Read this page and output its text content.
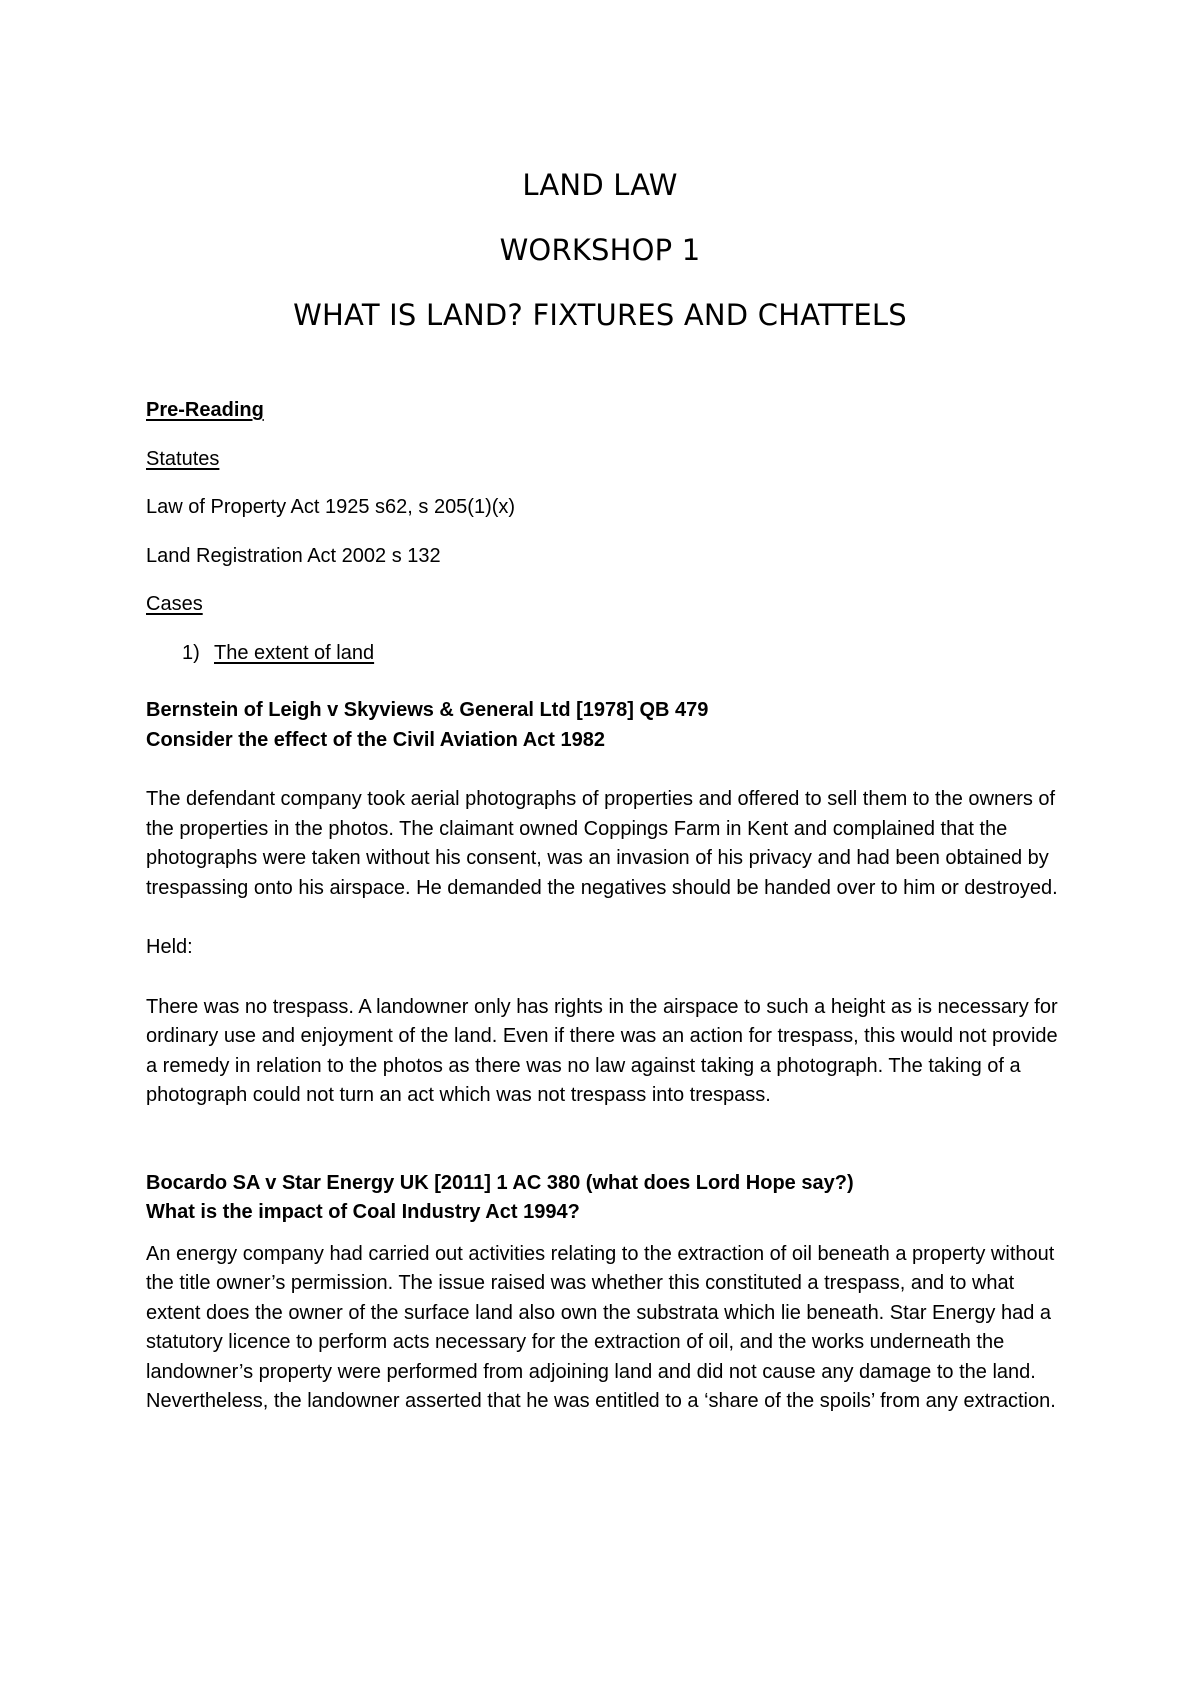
LAND LAW
WORKSHOP 1
WHAT IS LAND? FIXTURES AND CHATTELS

Pre-Reading

Statutes

Law of Property Act 1925 s62, s 205(1)(x)

Land Registration Act 2002 s 132

Cases

1) The extent of land

Bernstein of Leigh v Skyviews & General Ltd [1978] QB 479

Consider the effect of the Civil Aviation Act 1982

The defendant company took aerial photographs of properties and offered to sell them to the owners of the properties in the photos. The claimant owned Coppings Farm in Kent and complained that the photographs were taken without his consent, was an invasion of his privacy and had been obtained by trespassing onto his airspace. He demanded the negatives should be handed over to him or destroyed.

Held:

There was no trespass. A landowner only has rights in the airspace to such a height as is necessary for ordinary use and enjoyment of the land. Even if there was an action for trespass, this would not provide a remedy in relation to the photos as there was no law against taking a photograph. The taking of a photograph could not turn an act which was not trespass into trespass.

Bocardo SA v Star Energy UK [2011] 1 AC 380 (what does Lord Hope say?)

What is the impact of Coal Industry Act 1994?

An energy company had carried out activities relating to the extraction of oil beneath a property without the title owner’s permission. The issue raised was whether this constituted a trespass, and to what extent does the owner of the surface land also own the substrata which lie beneath. Star Energy had a statutory licence to perform acts necessary for the extraction of oil, and the works underneath the landowner’s property were performed from adjoining land and did not cause any damage to the land. Nevertheless, the landowner asserted that he was entitled to a ‘share of the spoils’ from any extraction.
